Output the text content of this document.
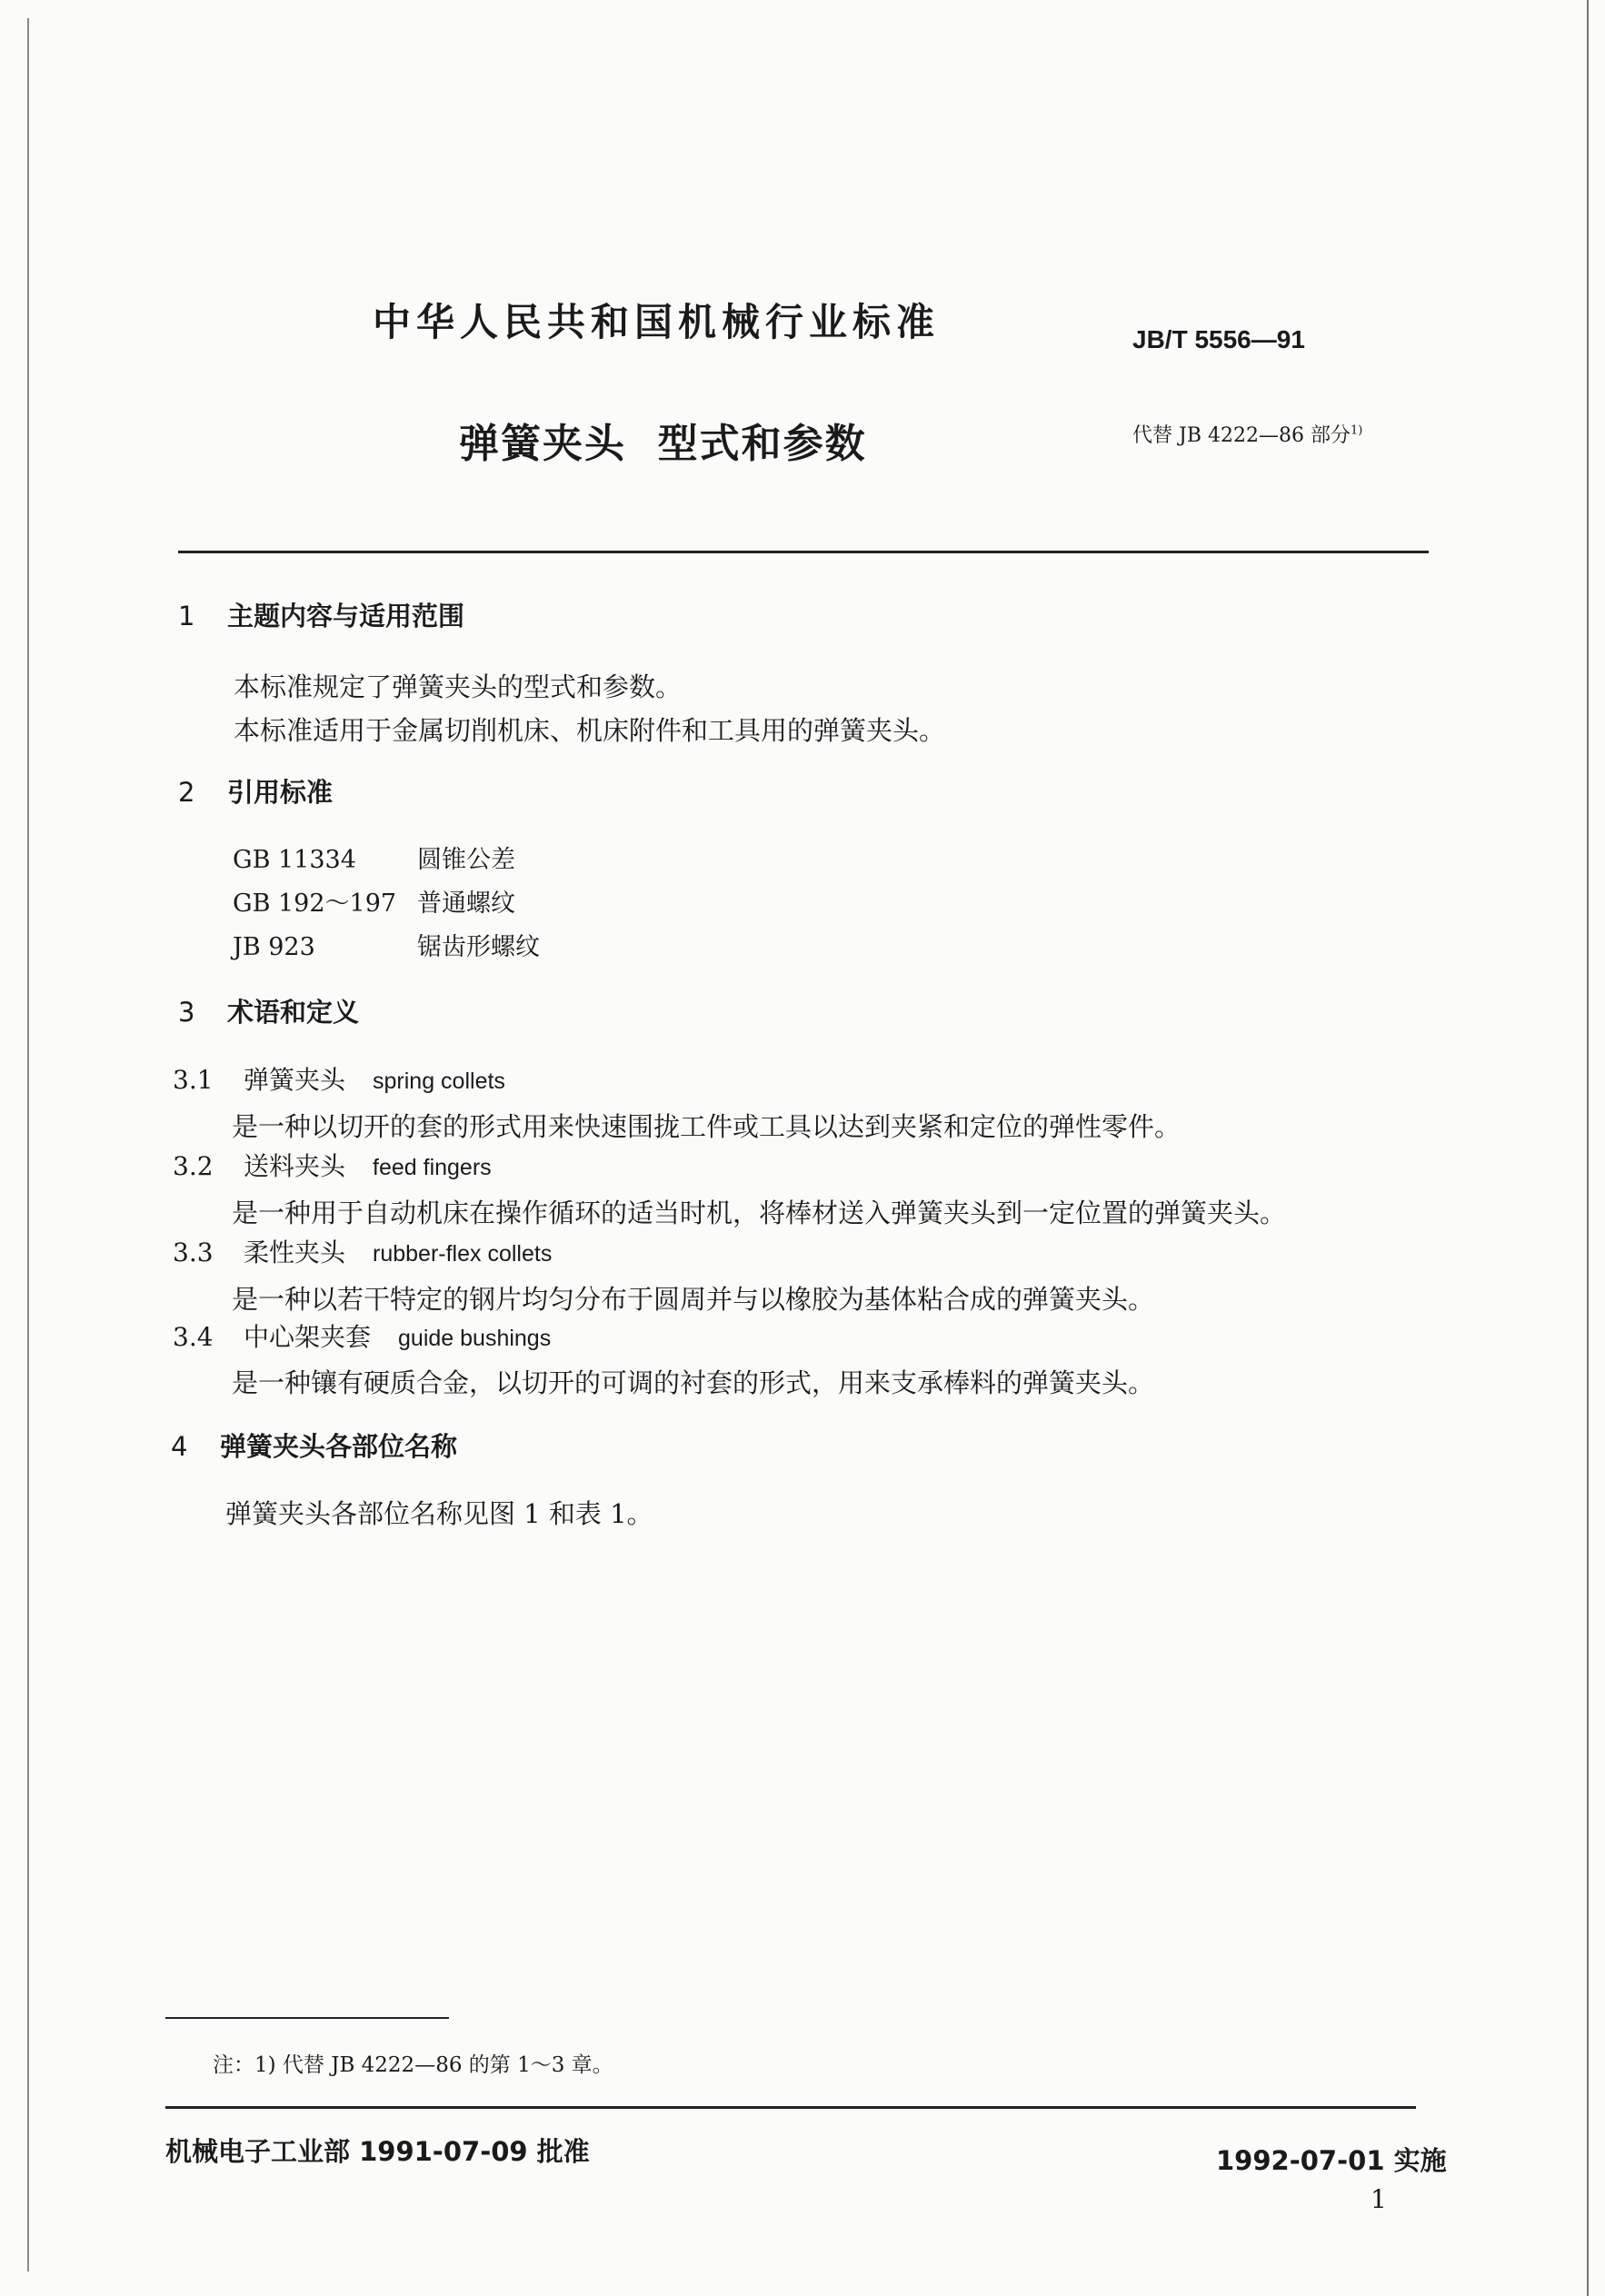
中华人民共和国机械行业标准	JB/T 5556—91
弹簧夹头  型式和参数	代替 JB 4222—86 部分$^{1)}$
1 主题内容与适用范围
本标准规定了弹簧夹头的型式和参数。
本标准适用于金属切削机床、机床附件和工具用的弹簧夹头。
2 引用标准
GB 11334 圆锥公差
GB 192～197 普通螺纹
JB 923	锯齿形螺纹
3 术语和定义
3.1 弹簧夹头 spring collets
是一种以切开的套的形式用来快速围拢工件或工具以达到夹紧和定位的弹性零件。
3.2 送料夹头 feed fingers
是一种用于自动机床在操作循环的适当时机，将棒材送入弹簧夹头到一定位置的弹簧夹头。
3.3 柔性夹头 rubber-flex collets
是一种以若干特定的钢片均匀分布于圆周并与以橡胶为基体粘合成的弹簧夹头。
3.4 中心架夹套 guide bushings
是一种镶有硬质合金，以切开的可调的衬套的形式，用来支承棒料的弹簧夹头。
4 弹簧夹头各部位名称
弹簧夹头各部位名称见图 1 和表 1。
注：1) 代替 JB 4222—86 的第 1～3 章。
机械电子工业部 1991-07-09 批准	1992-07-01 实施
1
